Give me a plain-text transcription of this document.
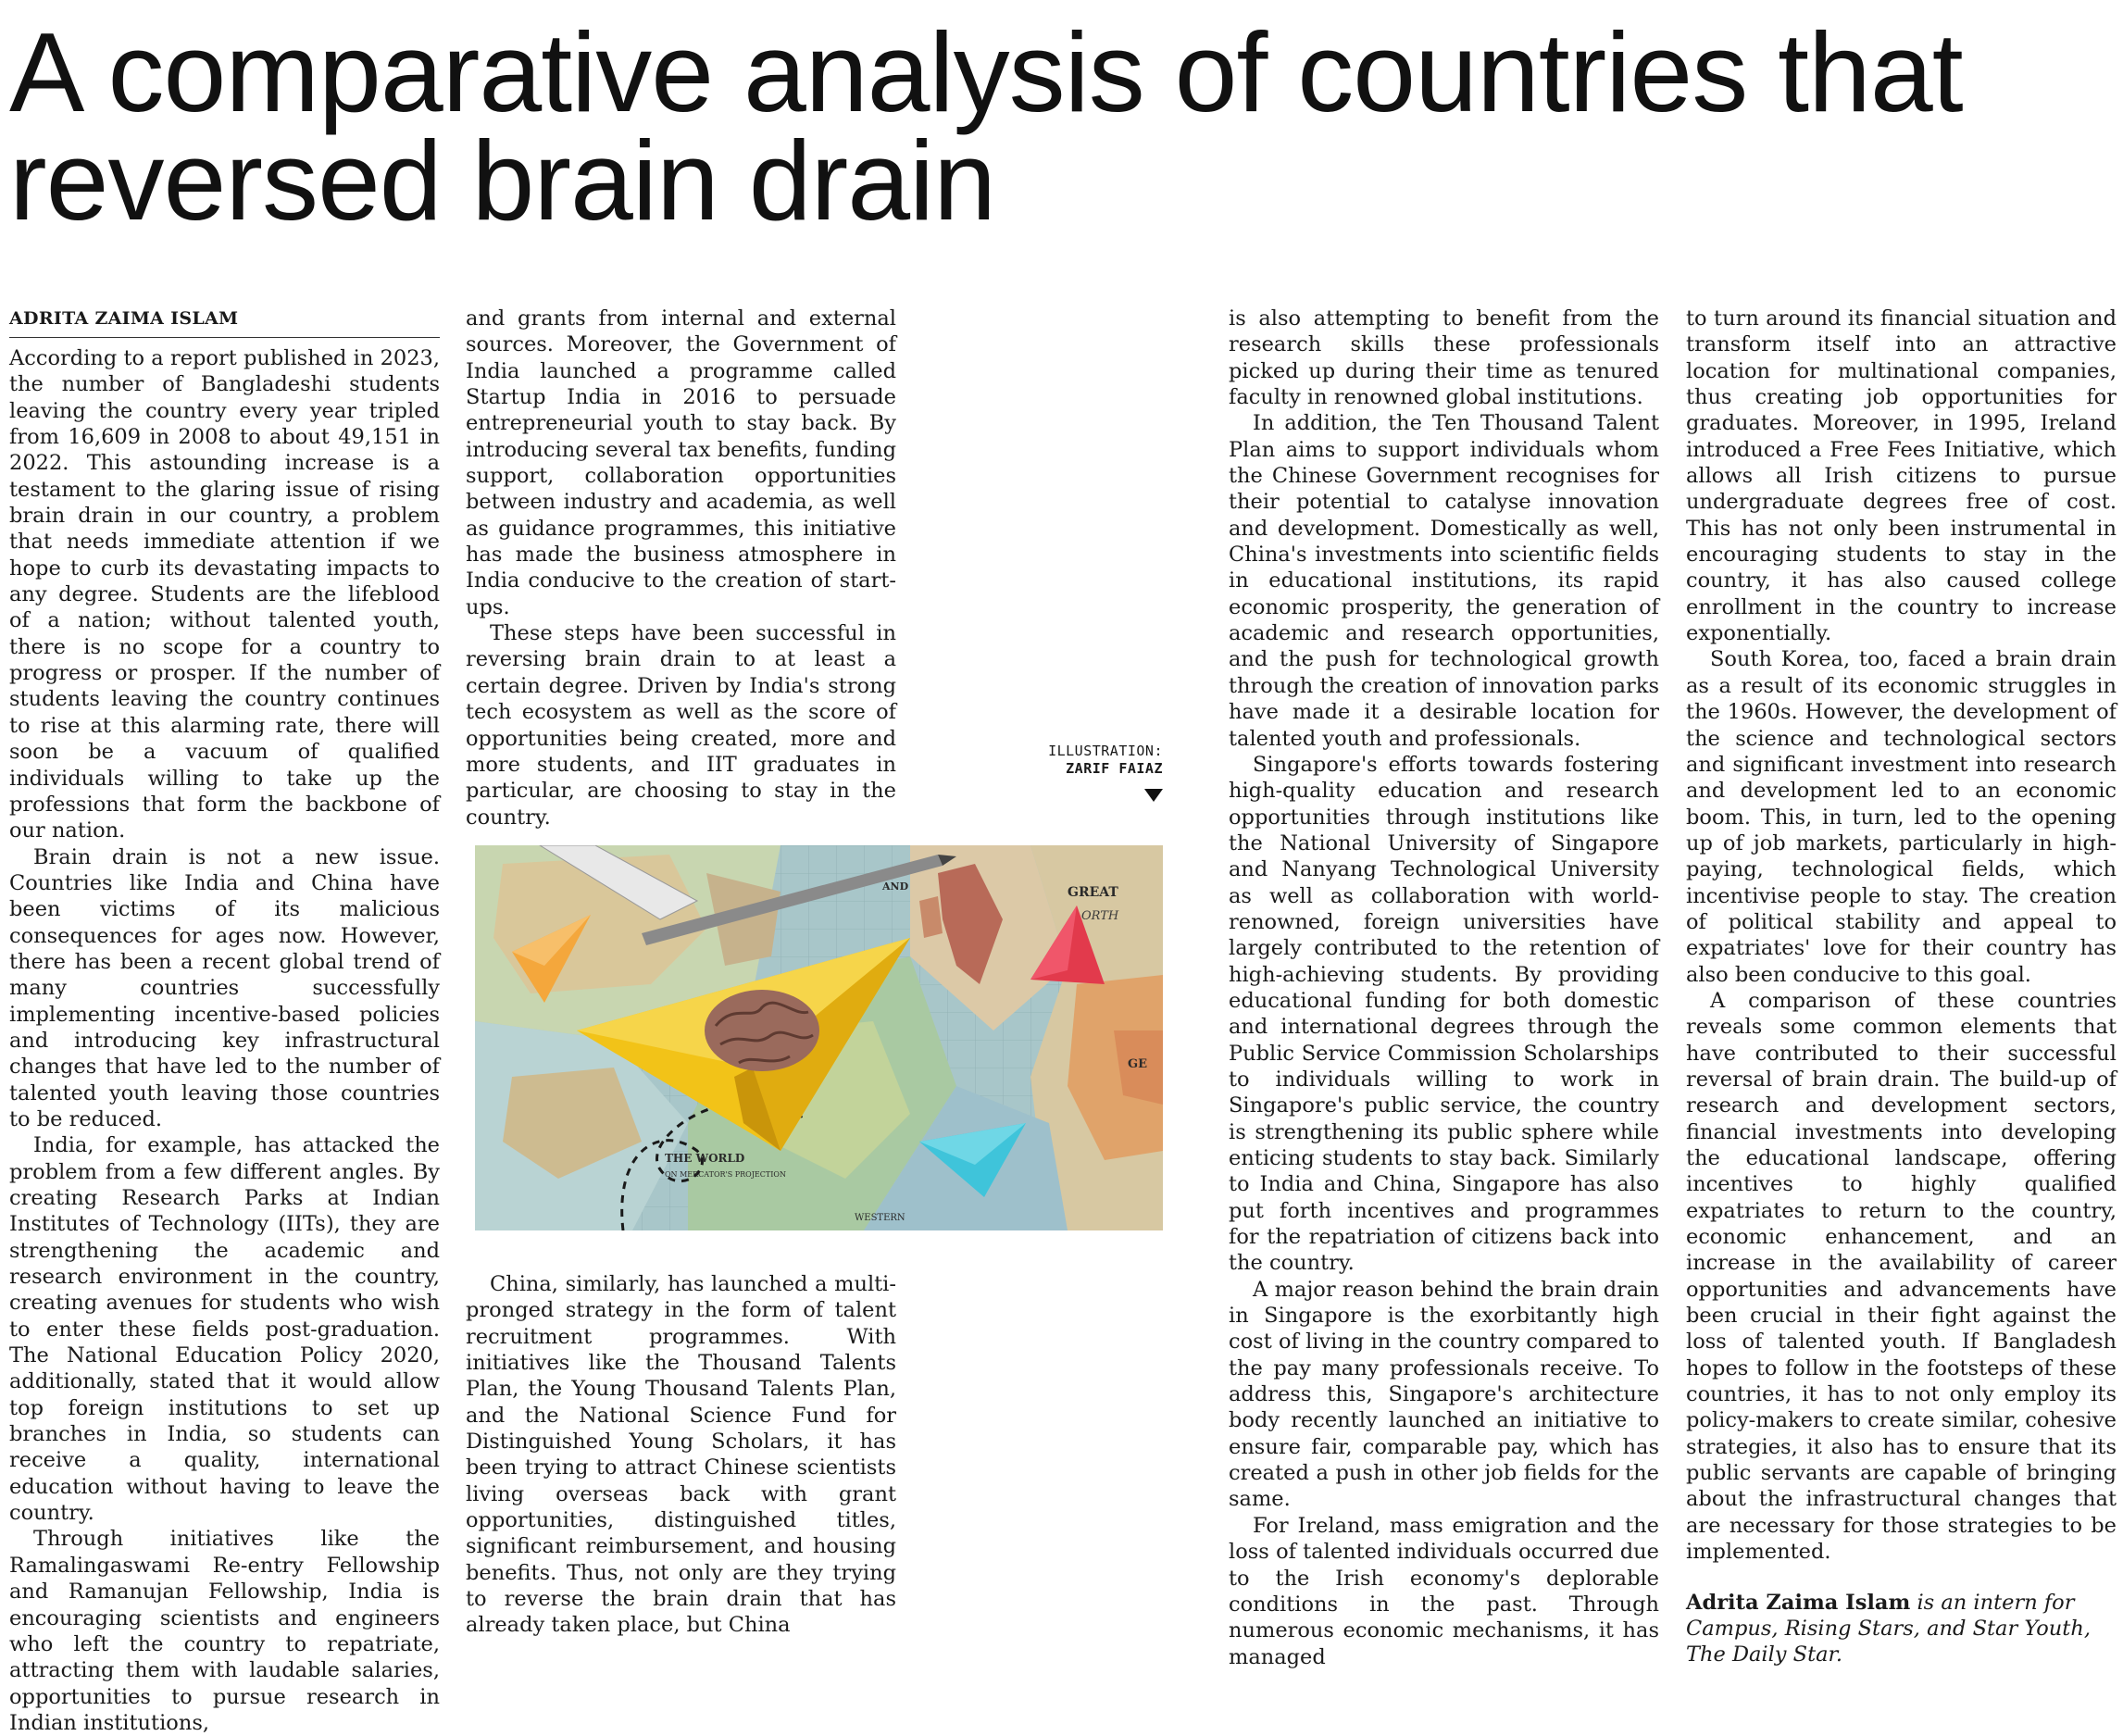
A comparative analysis of countries that reversed brain drain

ADRITA ZAIMA ISLAM

According to a report published in 2023, the number of Bangladeshi students leaving the country every year tripled from 16,609 in 2008 to about 49,151 in 2022. This astounding increase is a testament to the glaring issue of rising brain drain in our country, a problem that needs immediate attention if we hope to curb its devastating impacts to any degree. Students are the lifeblood of a nation; without talented youth, there is no scope for a country to progress or prosper. If the number of students leaving the country continues to rise at this alarming rate, there will soon be a vacuum of qualified individuals willing to take up the professions that form the backbone of our nation.

Brain drain is not a new issue. Countries like India and China have been victims of its malicious consequences for ages now. However, there has been a recent global trend of many countries successfully implementing incentive-based policies and introducing key infrastructural changes that have led to the number of talented youth leaving those countries to be reduced.

India, for example, has attacked the problem from a few different angles. By creating Research Parks at Indian Institutes of Technology (IITs), they are strengthening the academic and research environment in the country, creating avenues for students who wish to enter these fields post-graduation. The National Education Policy 2020, additionally, stated that it would allow top foreign institutions to set up branches in India, so students can receive a quality, international education without having to leave the country.

Through initiatives like the Ramalingaswami Re-entry Fellowship and Ramanujan Fellowship, India is encouraging scientists and engineers who left the country to repatriate, attracting them with laudable salaries, opportunities to pursue research in Indian institutions,

and grants from internal and external sources. Moreover, the Government of India launched a programme called Startup India in 2016 to persuade entrepreneurial youth to stay back. By introducing several tax benefits, funding support, collaboration opportunities between industry and academia, as well as guidance programmes, this initiative has made the business atmosphere in India conducive to the creation of start-ups.

These steps have been successful in reversing brain drain to at least a certain degree. Driven by India's strong tech ecosystem as well as the score of opportunities being created, more and more students, and IIT graduates in particular, are choosing to stay in the country.

ILLUSTRATION:
ZARIF FAIAZ
THE WORLD
ON MERCATOR'S PROJECTION
GREAT
ORTH
AND
GE
WESTERN

China, similarly, has launched a multi-pronged strategy in the form of talent recruitment programmes. With initiatives like the Thousand Talents Plan, the Young Thousand Talents Plan, and the National Science Fund for Distinguished Young Scholars, it has been trying to attract Chinese scientists living overseas back with grant opportunities, distinguished titles, significant reimbursement, and housing benefits. Thus, not only are they trying to reverse the brain drain that has already taken place, but China

is also attempting to benefit from the research skills these professionals picked up during their time as tenured faculty in renowned global institutions.

In addition, the Ten Thousand Talent Plan aims to support individuals whom the Chinese Government recognises for their potential to catalyse innovation and development. Domestically as well, China's investments into scientific fields in educational institutions, its rapid economic prosperity, the generation of academic and research opportunities, and the push for technological growth through the creation of innovation parks have made it a desirable location for talented youth and professionals.

Singapore's efforts towards fostering high-quality education and research opportunities through institutions like the National University of Singapore and Nanyang Technological University as well as collaboration with world-renowned, foreign universities have largely contributed to the retention of high-achieving students. By providing educational funding for both domestic and international degrees through the Public Service Commission Scholarships to individuals willing to work in Singapore's public service, the country is strengthening its public sphere while enticing students to stay back. Similarly to India and China, Singapore has also put forth incentives and programmes for the repatriation of citizens back into the country.

A major reason behind the brain drain in Singapore is the exorbitantly high cost of living in the country compared to the pay many professionals receive. To address this, Singapore's architecture body recently launched an initiative to ensure fair, comparable pay, which has created a push in other job fields for the same.

For Ireland, mass emigration and the loss of talented individuals occurred due to the Irish economy's deplorable conditions in the past. Through numerous economic mechanisms, it has managed

to turn around its financial situation and transform itself into an attractive location for multinational companies, thus creating job opportunities for graduates. Moreover, in 1995, Ireland introduced a Free Fees Initiative, which allows all Irish citizens to pursue undergraduate degrees free of cost. This has not only been instrumental in encouraging students to stay in the country, it has also caused college enrollment in the country to increase exponentially.

South Korea, too, faced a brain drain as a result of its economic struggles in the 1960s. However, the development of the science and technological sectors and significant investment into research and development led to an economic boom. This, in turn, led to the opening up of job markets, particularly in high-paying, technological fields, which incentivise people to stay. The creation of political stability and appeal to expatriates' love for their country has also been conducive to this goal.

A comparison of these countries reveals some common elements that have contributed to their successful reversal of brain drain. The build-up of research and development sectors, financial investments into developing the educational landscape, offering incentives to highly qualified expatriates to return to the country, economic enhancement, and an increase in the availability of career opportunities and advancements have been crucial in their fight against the loss of talented youth. If Bangladesh hopes to follow in the footsteps of these countries, it has to not only employ its policy-makers to create similar, cohesive strategies, it also has to ensure that its public servants are capable of bringing about the infrastructural changes that are necessary for those strategies to be implemented.

Adrita Zaima Islam is an intern for Campus, Rising Stars, and Star Youth, The Daily Star.
